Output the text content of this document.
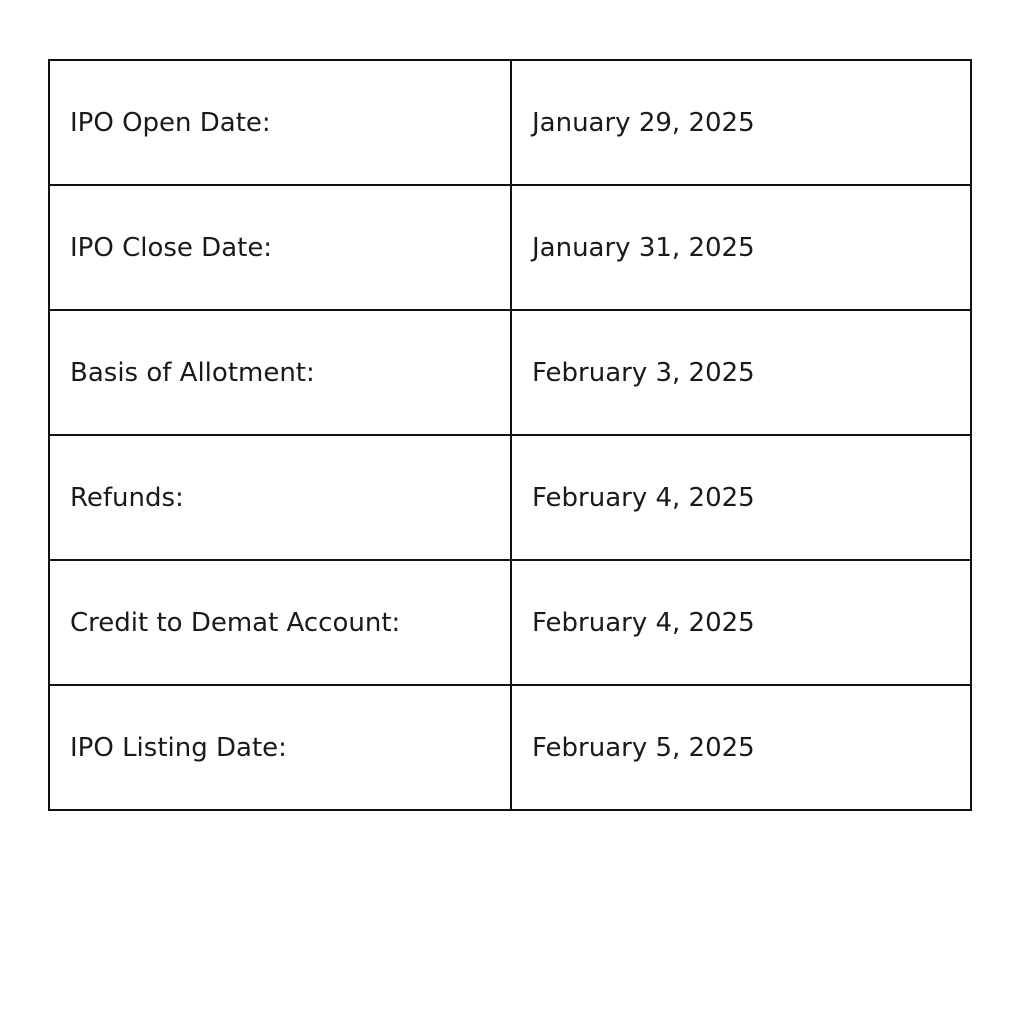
IPO Open Date:	January 29, 2025
IPO Close Date:	January 31, 2025
Basis of Allotment:	February 3, 2025
Refunds:	February 4, 2025
Credit to Demat Account:	February 4, 2025
IPO Listing Date:	February 5, 2025
